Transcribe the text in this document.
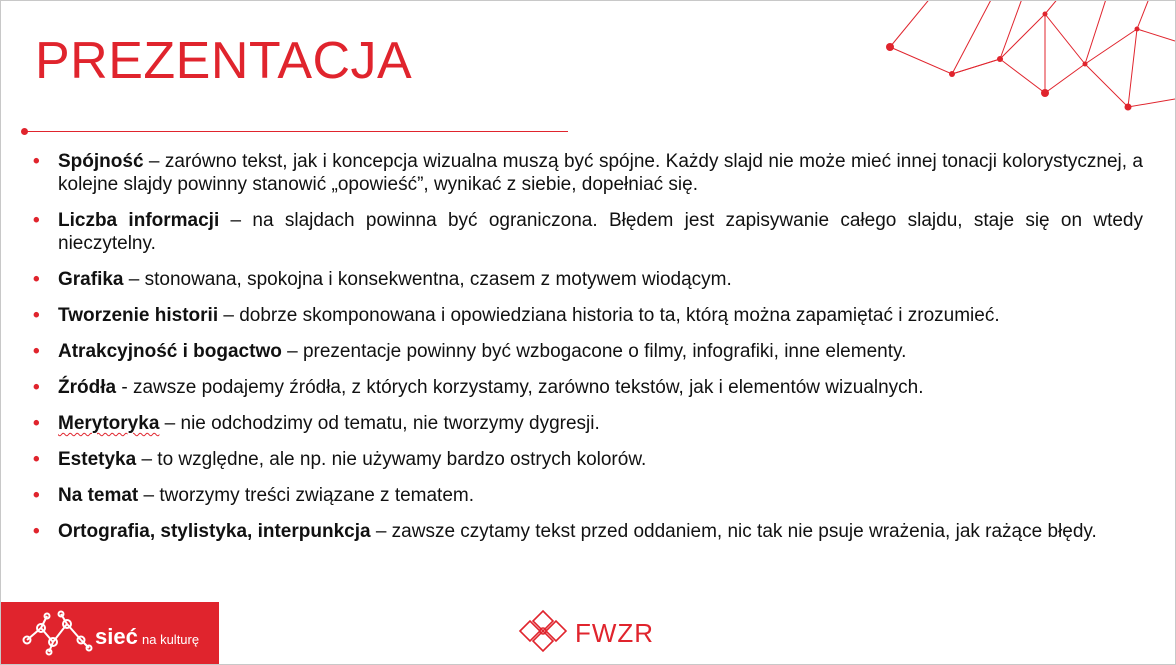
PREZENTACJA
• Spójność – zarówno tekst, jak i koncepcja wizualna muszą być spójne. Każdy slajd nie może mieć innej tonacji kolorystycznej, a kolejne slajdy powinny stanowić „opowieść”, wynikać z siebie, dopełniać się.
• Liczba informacji – na slajdach powinna być ograniczona. Błędem jest zapisywanie całego slajdu, staje się on wtedy nieczytelny.
• Grafika – stonowana, spokojna i konsekwentna, czasem z motywem wiodącym.
• Tworzenie historii – dobrze skomponowana i opowiedziana historia to ta, którą można zapamiętać i zrozumieć.
• Atrakcyjność i bogactwo – prezentacje powinny być wzbogacone o filmy, infografiki, inne elementy.
• Źródła - zawsze podajemy źródła, z których korzystamy, zarówno tekstów, jak i elementów wizualnych.
• Merytoryka – nie odchodzimy od tematu, nie tworzymy dygresji.
• Estetyka – to względne, ale np. nie używamy bardzo ostrych kolorów.
• Na temat – tworzymy treści związane z tematem.
• Ortografia, stylistyka, interpunkcja – zawsze czytamy tekst przed oddaniem, nic tak nie psuje wrażenia, jak rażące błędy.
sieć na kulturę	FWZR
